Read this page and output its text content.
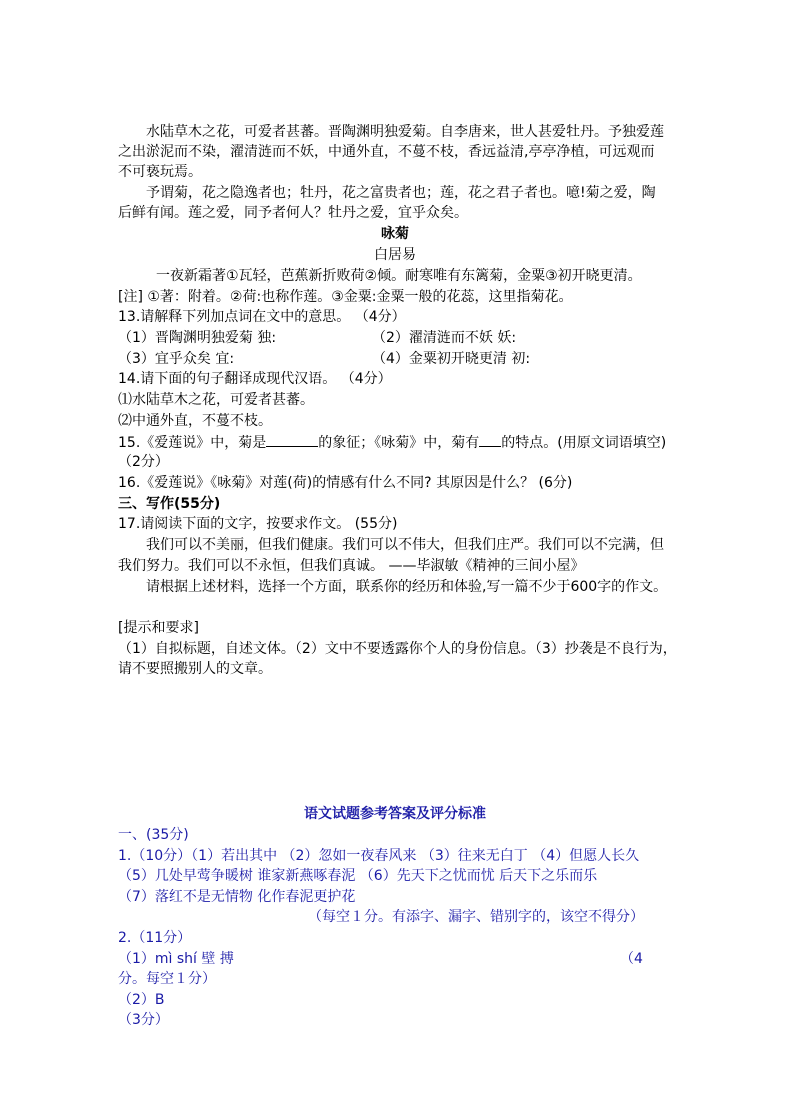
水陆草木之花，可爱者甚蕃。晋陶渊明独爱菊。自李唐来，世人甚爱牡丹。予独爱莲
之出淤泥而不染，濯清涟而不妖，中通外直，不蔓不枝，香远益清,亭亭净植，可远观而
不可亵玩焉。
予谓菊，花之隐逸者也；牡丹，花之富贵者也；莲，花之君子者也。噫!菊之爱，陶
后鲜有闻。莲之爱，同予者何人？牡丹之爱，宜乎众矣。
咏菊
白居易
一夜新霜著①瓦轻，芭蕉新折败荷②倾。耐寒唯有东篱菊，金粟③初开晓更清。
[注] ①著：附着。②荷:也称作莲。③金粟:金粟一般的花蕊，这里指菊花。
13.请解释下列加点词在文中的意思。 （4分）
（1）晋陶渊明独爱菊 独:	（2）濯清涟而不妖 妖:
（3）宜乎众矣 宜:	（4）金粟初开晓更清 初:
14.请下面的句子翻译成现代汉语。 （4分）
⑴水陆草木之花，可爱者甚蕃。
⑵中通外直，不蔓不枝。
15.《爱莲说》中，菊是	的象征；《咏菊》中，菊有 的特点。(用原文词语填空)
（2分）
16.《爱莲说》《咏菊》对莲(荷)的情感有什么不同? 其原因是什么？ (6分)
三、写作(55分)
17.请阅读下面的文字，按要求作文。 (55分)
我们可以不美丽，但我们健康。我们可以不伟大，但我们庄严。我们可以不完满，但
我们努力。我们可以不永恒，但我们真诚。 ——毕淑敏《精神的三间小屋》
请根据上述材料，选择一个方面，联系你的经历和体验,写一篇不少于600字的作文。
[提示和要求]
（1）自拟标题，自述文体。（2）文中不要透露你个人的身份信息。（3）抄袭是不良行为，
请不要照搬别人的文章。
语文试题参考答案及评分标准
一、(35分)
1.（10分）（1）若出其中 （2）忽如一夜春风来 （3）往来无白丁 （4）但愿人长久
（5）几处早莺争暖树 谁家新燕啄春泥 （6）先天下之忧而忧 后天下之乐而乐
（7）落红不是无情物 化作春泥更护花
（每空１分。有添字、漏字、错别字的，该空不得分）
2.（11分）
（1）mì shí 壁 搏	（4
分。每空１分）
（2）B
（3分）
